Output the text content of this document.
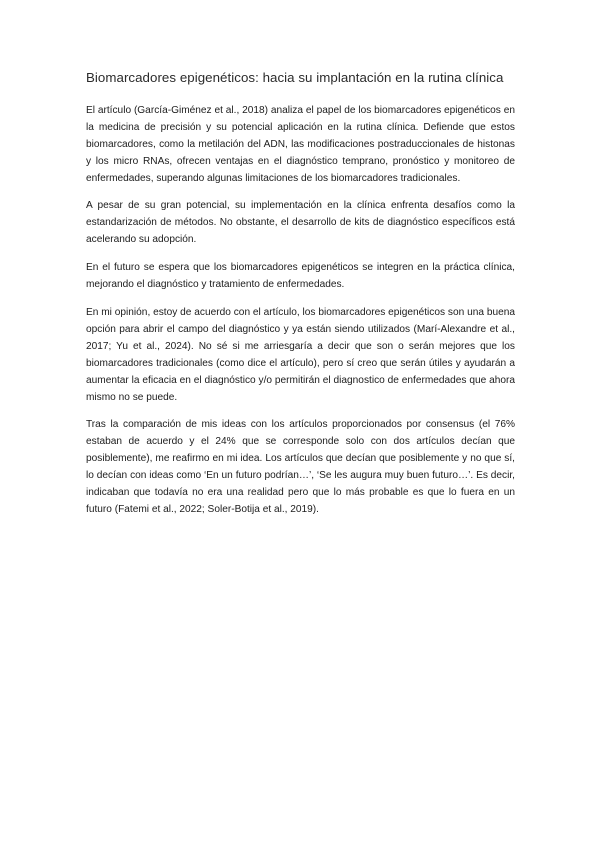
Biomarcadores epigenéticos: hacia su implantación en la rutina clínica

El artículo (García-Giménez et al., 2018) analiza el papel de los biomarcadores epigenéticos en la medicina de precisión y su potencial aplicación en la rutina clínica. Defiende que estos biomarcadores, como la metilación del ADN, las modificaciones postraduccionales de histonas y los micro RNAs, ofrecen ventajas en el diagnóstico temprano, pronóstico y monitoreo de enfermedades, superando algunas limitaciones de los biomarcadores tradicionales.

A pesar de su gran potencial, su implementación en la clínica enfrenta desafíos como la estandarización de métodos. No obstante, el desarrollo de kits de diagnóstico específicos está acelerando su adopción.

En el futuro se espera que los biomarcadores epigenéticos se integren en la práctica clínica, mejorando el diagnóstico y tratamiento de enfermedades.

En mi opinión, estoy de acuerdo con el artículo, los biomarcadores epigenéticos son una buena opción para abrir el campo del diagnóstico y ya están siendo utilizados (Marí-Alexandre et al., 2017; Yu et al., 2024). No sé si me arriesgaría a decir que son o serán mejores que los biomarcadores tradicionales (como dice el artículo), pero sí creo que serán útiles y ayudarán a aumentar la eficacia en el diagnóstico y/o permitirán el diagnostico de enfermedades que ahora mismo no se puede.

Tras la comparación de mis ideas con los artículos proporcionados por consensus (el 76% estaban de acuerdo y el 24% que se corresponde solo con dos artículos decían que posiblemente), me reafirmo en mi idea. Los artículos que decían que posiblemente y no que sí, lo decían con ideas como ‘En un futuro podrían…’, ‘Se les augura muy buen futuro…’. Es decir, indicaban que todavía no era una realidad pero que lo más probable es que lo fuera en un futuro (Fatemi et al., 2022; Soler-Botija et al., 2019).
